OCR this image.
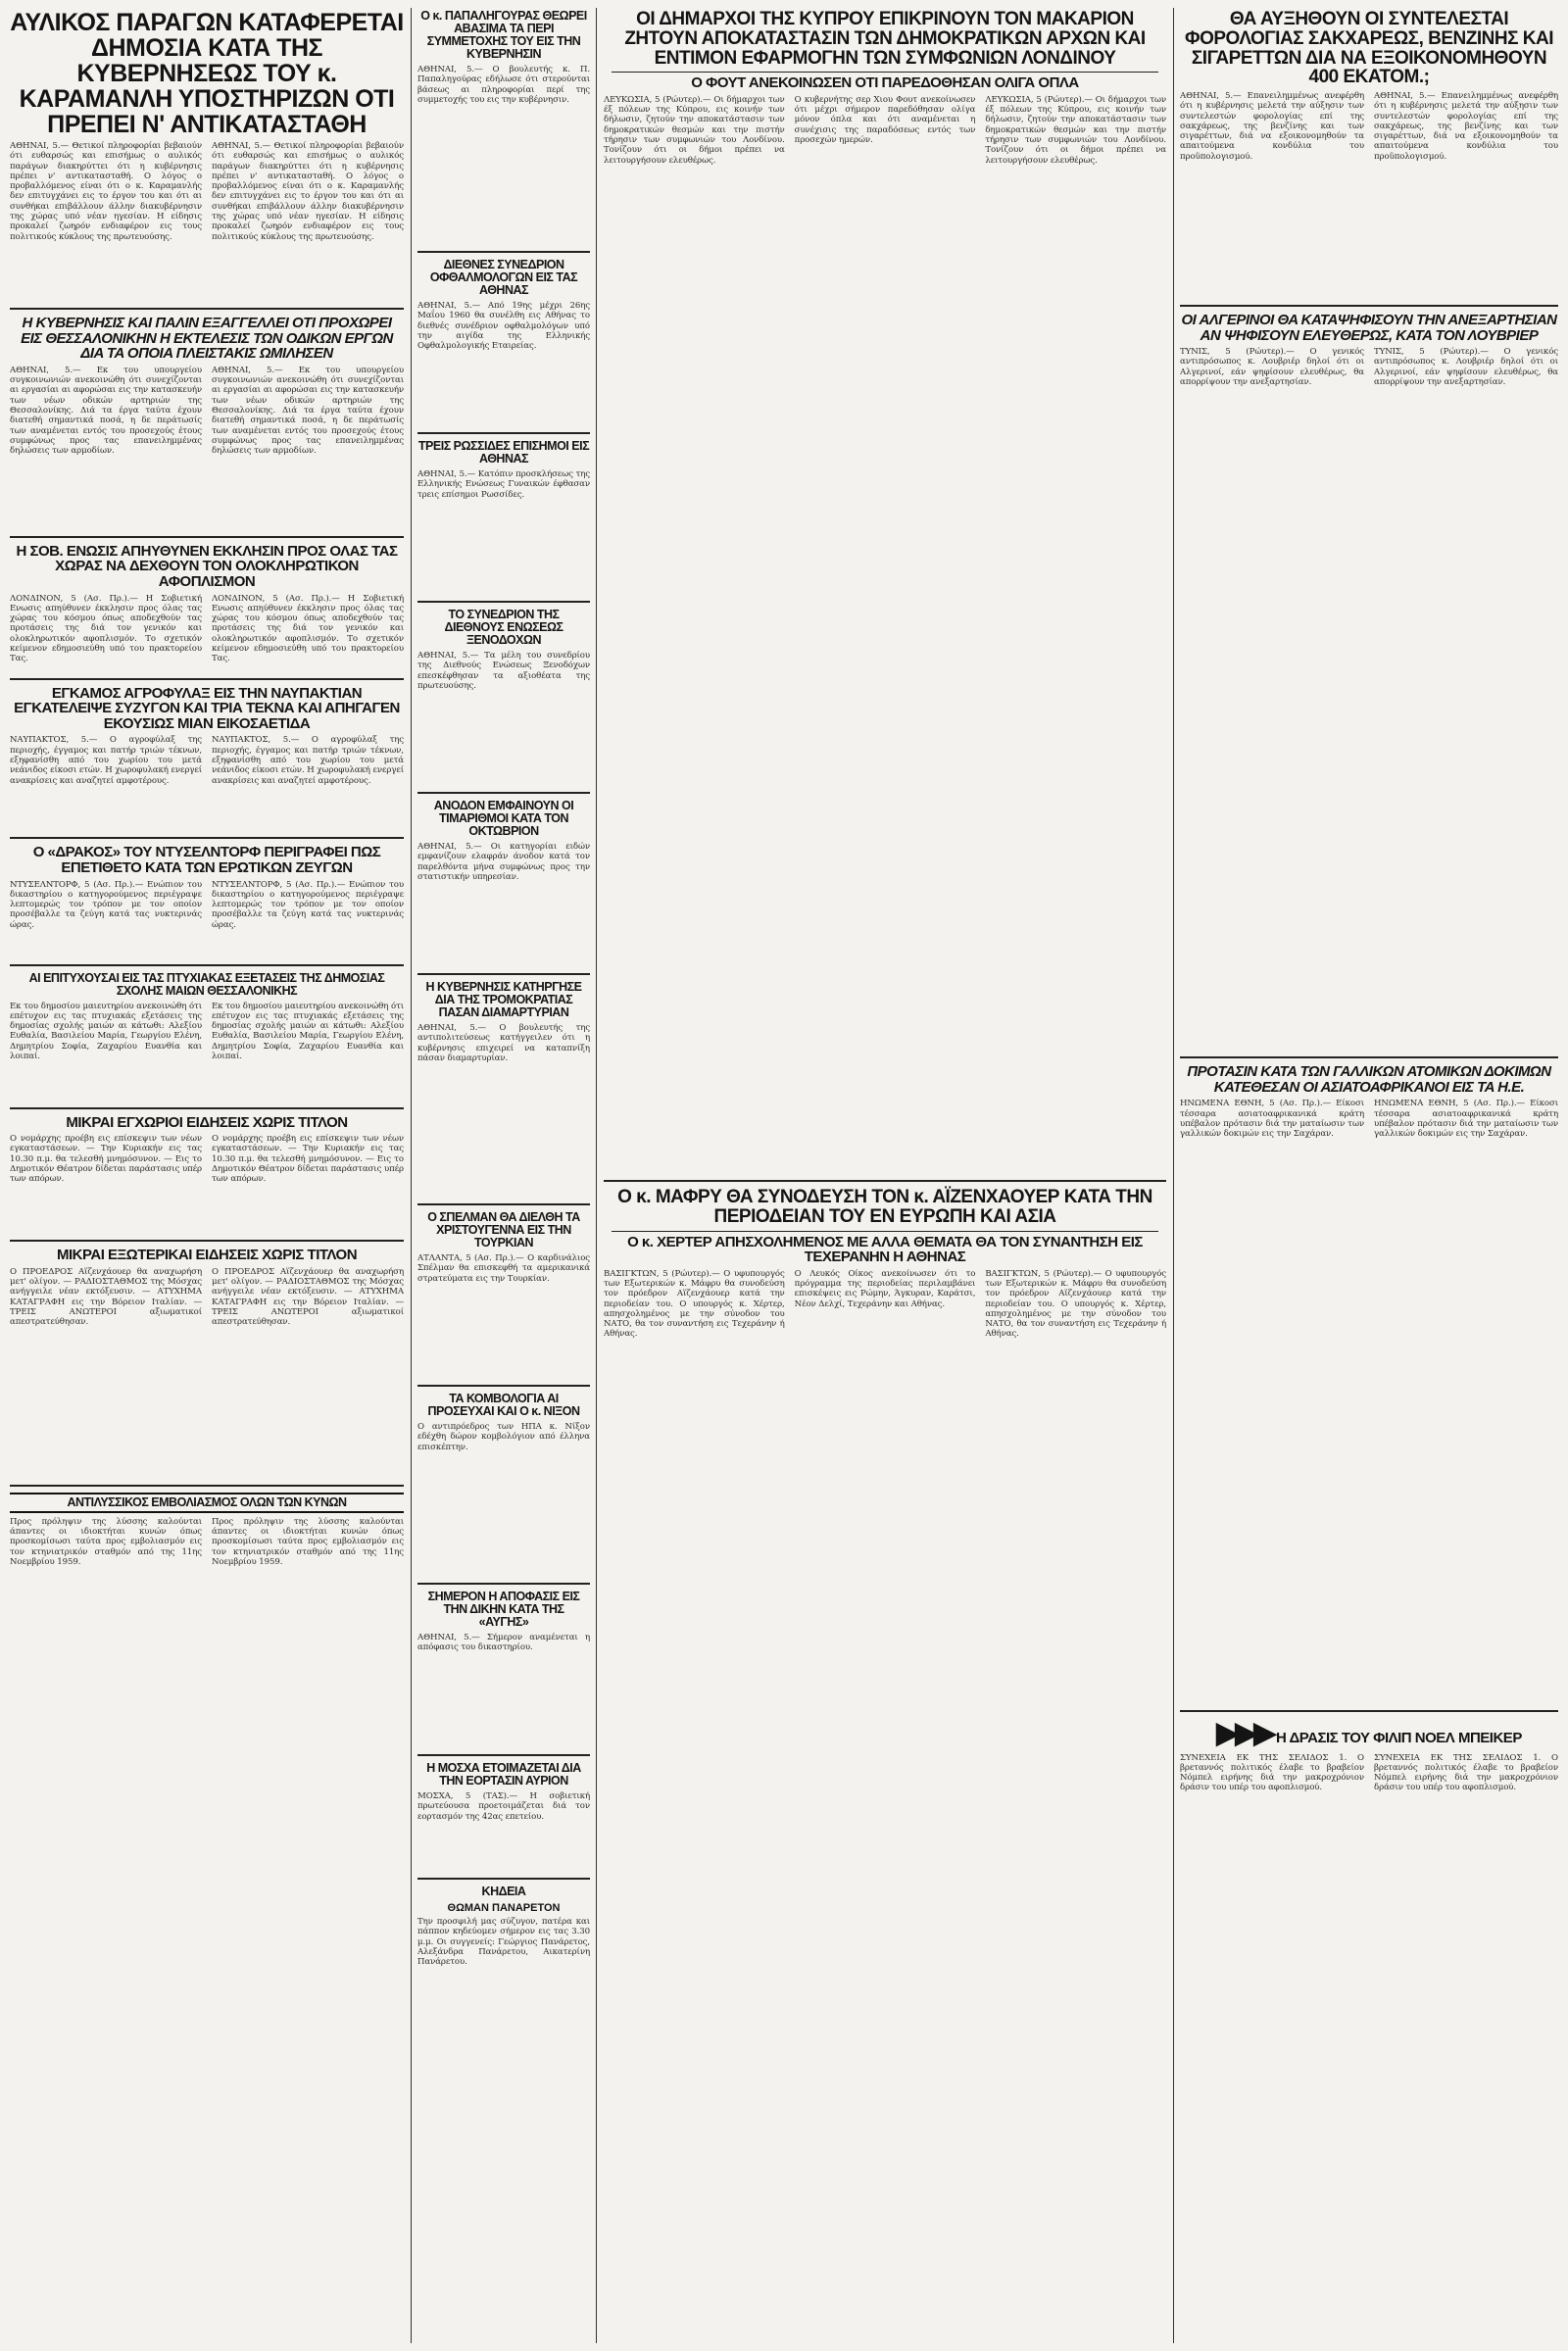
ΑΥΛΙΚΟΣ ΠΑΡΑΓΩΝ ΚΑΤΑΦΕΡΕΤΑΙ ΔΗΜΟΣΙΑ ΚΑΤΑ ΤΗΣ ΚΥΒΕΡΝΗΣΕΩΣ ΤΟΥ κ. ΚΑΡΑΜΑΝΛΗ ΥΠΟΣΤΗΡΙΖΩΝ ΟΤΙ ΠΡΕΠΕΙ Ν' ΑΝΤΙΚΑΤΑΣΤΑΘΗ

ΑΘΗΝΑΙ, 5.— Θετικοί πληροφορίαι βεβαιούν ότι ευθαρσώς και επισήμως ο αυλικός παράγων διακηρύττει ότι η κυβέρνησις πρέπει ν' αντικατασταθή. Ο λόγος ο προβαλλόμενος είναι ότι ο κ. Καραμανλής δεν επιτυγχάνει εις το έργον του και ότι αι συνθήκαι επιβάλλουν άλλην διακυβέρνησιν της χώρας υπό νέαν ηγεσίαν. Η είδησις προκαλεί ζωηρόν ενδιαφέρον εις τους πολιτικούς κύκλους της πρωτευούσης.

ΑΘΗΝΑΙ, 5.— Θετικοί πληροφορίαι βεβαιούν ότι ευθαρσώς και επισήμως ο αυλικός παράγων διακηρύττει ότι η κυβέρνησις πρέπει ν' αντικατασταθή. Ο λόγος ο προβαλλόμενος είναι ότι ο κ. Καραμανλής δεν επιτυγχάνει εις το έργον του και ότι αι συνθήκαι επιβάλλουν άλλην διακυβέρνησιν της χώρας υπό νέαν ηγεσίαν. Η είδησις προκαλεί ζωηρόν ενδιαφέρον εις τους πολιτικούς κύκλους της πρωτευούσης.

Η ΚΥΒΕΡΝΗΣΙΣ ΚΑΙ ΠΑΛΙΝ ΕΞΑΓΓΕΛΛΕΙ ΟΤΙ ΠΡΟΧΩΡΕΙ ΕΙΣ ΘΕΣΣΑΛΟΝΙΚΗΝ Η ΕΚΤΕΛΕΣΙΣ ΤΩΝ ΟΔΙΚΩΝ ΕΡΓΩΝ ΔΙΑ ΤΑ ΟΠΟΙΑ ΠΛΕΙΣΤΑΚΙΣ ΩΜΙΛΗΣΕΝ

ΑΘΗΝΑΙ, 5.— Εκ του υπουργείου συγκοινωνιών ανεκοινώθη ότι συνεχίζονται αι εργασίαι αι αφορώσαι εις την κατασκευήν των νέων οδικών αρτηριών της Θεσσαλονίκης. Διά τα έργα ταύτα έχουν διατεθή σημαντικά ποσά, η δε περάτωσίς των αναμένεται εντός του προσεχούς έτους συμφώνως προς τας επανειλημμένας δηλώσεις των αρμοδίων.

ΑΘΗΝΑΙ, 5.— Εκ του υπουργείου συγκοινωνιών ανεκοινώθη ότι συνεχίζονται αι εργασίαι αι αφορώσαι εις την κατασκευήν των νέων οδικών αρτηριών της Θεσσαλονίκης. Διά τα έργα ταύτα έχουν διατεθή σημαντικά ποσά, η δε περάτωσίς των αναμένεται εντός του προσεχούς έτους συμφώνως προς τας επανειλημμένας δηλώσεις των αρμοδίων.

Η ΣΟΒ. ΕΝΩΣΙΣ ΑΠΗΥΘΥΝΕΝ ΕΚΚΛΗΣΙΝ ΠΡΟΣ ΟΛΑΣ ΤΑΣ ΧΩΡΑΣ ΝΑ ΔΕΧΘΟΥΝ ΤΟΝ ΟΛΟΚΛΗΡΩΤΙΚΟΝ ΑΦΟΠΛΙΣΜΟΝ

ΛΟΝΔΙΝΟΝ, 5 (Ασ. Πρ.).— Η Σοβιετική Ενωσις απηύθυνεν έκκλησιν προς όλας τας χώρας του κόσμου όπως αποδεχθούν τας προτάσεις της διά τον γενικόν και ολοκληρωτικόν αφοπλισμόν. Το σχετικόν κείμενον εδημοσιεύθη υπό του πρακτορείου Τας.

ΛΟΝΔΙΝΟΝ, 5 (Ασ. Πρ.).— Η Σοβιετική Ενωσις απηύθυνεν έκκλησιν προς όλας τας χώρας του κόσμου όπως αποδεχθούν τας προτάσεις της διά τον γενικόν και ολοκληρωτικόν αφοπλισμόν. Το σχετικόν κείμενον εδημοσιεύθη υπό του πρακτορείου Τας.

ΕΓΚΑΜΟΣ ΑΓΡΟΦΥΛΑΞ ΕΙΣ ΤΗΝ ΝΑΥΠΑΚΤΙΑΝ ΕΓΚΑΤΕΛΕΙΨΕ ΣΥΖΥΓΟΝ ΚΑΙ ΤΡΙΑ ΤΕΚΝΑ ΚΑΙ ΑΠΗΓΑΓΕΝ ΕΚΟΥΣΙΩΣ ΜΙΑΝ ΕΙΚΟΣΑΕΤΙΔΑ

ΝΑΥΠΑΚΤΟΣ, 5.— Ο αγροφύλαξ της περιοχής, έγγαμος και πατήρ τριών τέκνων, εξηφανίσθη από του χωρίου του μετά νεάνιδος είκοσι ετών. Η χωροφυλακή ενεργεί ανακρίσεις και αναζητεί αμφοτέρους.

ΝΑΥΠΑΚΤΟΣ, 5.— Ο αγροφύλαξ της περιοχής, έγγαμος και πατήρ τριών τέκνων, εξηφανίσθη από του χωρίου του μετά νεάνιδος είκοσι ετών. Η χωροφυλακή ενεργεί ανακρίσεις και αναζητεί αμφοτέρους.

Ο «ΔΡΑΚΟΣ» ΤΟΥ ΝΤΥΣΕΛΝΤΟΡΦ ΠΕΡΙΓΡΑΦΕΙ ΠΩΣ ΕΠΕΤΙΘΕΤΟ ΚΑΤΑ ΤΩΝ ΕΡΩΤΙΚΩΝ ΖΕΥΓΩΝ

ΝΤΥΣΕΛΝΤΟΡΦ, 5 (Ασ. Πρ.).— Ενώπιον του δικαστηρίου ο κατηγορούμενος περιέγραψε λεπτομερώς τον τρόπον με τον οποίον προσέβαλλε τα ζεύγη κατά τας νυκτερινάς ώρας.

ΝΤΥΣΕΛΝΤΟΡΦ, 5 (Ασ. Πρ.).— Ενώπιον του δικαστηρίου ο κατηγορούμενος περιέγραψε λεπτομερώς τον τρόπον με τον οποίον προσέβαλλε τα ζεύγη κατά τας νυκτερινάς ώρας.

ΑΙ ΕΠΙΤΥΧΟΥΣΑΙ ΕΙΣ ΤΑΣ ΠΤΥΧΙΑΚΑΣ ΕΞΕΤΑΣΕΙΣ ΤΗΣ ΔΗΜΟΣΙΑΣ ΣΧΟΛΗΣ ΜΑΙΩΝ ΘΕΣΣΑΛΟΝΙΚΗΣ

Εκ του δημοσίου μαιευτηρίου ανεκοινώθη ότι επέτυχον εις τας πτυχιακάς εξετάσεις της δημοσίας σχολής μαιών αι κάτωθι: Αλεξίου Ευθαλία, Βασιλείου Μαρία, Γεωργίου Ελένη, Δημητρίου Σοφία, Ζαχαρίου Ευανθία και λοιπαί.

Εκ του δημοσίου μαιευτηρίου ανεκοινώθη ότι επέτυχον εις τας πτυχιακάς εξετάσεις της δημοσίας σχολής μαιών αι κάτωθι: Αλεξίου Ευθαλία, Βασιλείου Μαρία, Γεωργίου Ελένη, Δημητρίου Σοφία, Ζαχαρίου Ευανθία και λοιπαί.

ΜΙΚΡΑΙ ΕΓΧΩΡΙΟΙ ΕΙΔΗΣΕΙΣ ΧΩΡΙΣ ΤΙΤΛΟΝ

Ο νομάρχης προέβη εις επίσκεψιν των νέων εγκαταστάσεων. — Την Κυριακήν εις τας 10.30 π.μ. θα τελεσθή μνημόσυνον. — Εις το Δημοτικόν Θέατρον δίδεται παράστασις υπέρ των απόρων.

Ο νομάρχης προέβη εις επίσκεψιν των νέων εγκαταστάσεων. — Την Κυριακήν εις τας 10.30 π.μ. θα τελεσθή μνημόσυνον. — Εις το Δημοτικόν Θέατρον δίδεται παράστασις υπέρ των απόρων.

ΜΙΚΡΑΙ ΕΞΩΤΕΡΙΚΑΙ ΕΙΔΗΣΕΙΣ ΧΩΡΙΣ ΤΙΤΛΟΝ

Ο ΠΡΟΕΔΡΟΣ Αϊζενχάουερ θα αναχωρήση μετ' ολίγον. — ΡΑΔΙΟΣΤΑΘΜΟΣ της Μόσχας ανήγγειλε νέαν εκτόξευσιν. — ΑΤΥΧΗΜΑ ΚΑΤΑΓΡΑΦΗ εις την Βόρειον Ιταλίαν. — ΤΡΕΙΣ ΑΝΩΤΕΡΟΙ αξιωματικοί απεστρατεύθησαν.

Ο ΠΡΟΕΔΡΟΣ Αϊζενχάουερ θα αναχωρήση μετ' ολίγον. — ΡΑΔΙΟΣΤΑΘΜΟΣ της Μόσχας ανήγγειλε νέαν εκτόξευσιν. — ΑΤΥΧΗΜΑ ΚΑΤΑΓΡΑΦΗ εις την Βόρειον Ιταλίαν. — ΤΡΕΙΣ ΑΝΩΤΕΡΟΙ αξιωματικοί απεστρατεύθησαν.

ΑΝΤΙΛΥΣΣΙΚΟΣ ΕΜΒΟΛΙΑΣΜΟΣ ΟΛΩΝ ΤΩΝ ΚΥΝΩΝ

Προς πρόληψιν της λύσσης καλούνται άπαντες οι ιδιοκτήται κυνών όπως προσκομίσωσι ταύτα προς εμβολιασμόν εις τον κτηνιατρικόν σταθμόν από της 11ης Νοεμβρίου 1959.

Προς πρόληψιν της λύσσης καλούνται άπαντες οι ιδιοκτήται κυνών όπως προσκομίσωσι ταύτα προς εμβολιασμόν εις τον κτηνιατρικόν σταθμόν από της 11ης Νοεμβρίου 1959.

Ο κ. ΠΑΠΑΛΗΓΟΥΡΑΣ ΘΕΩΡΕΙ ΑΒΑΣΙΜΑ ΤΑ ΠΕΡΙ ΣΥΜΜΕΤΟΧΗΣ ΤΟΥ ΕΙΣ ΤΗΝ ΚΥΒΕΡΝΗΣΙΝ

ΑΘΗΝΑΙ, 5.— Ο βουλευτής κ. Π. Παπαληγούρας εδήλωσε ότι στερούνται βάσεως αι πληροφορίαι περί της συμμετοχής του εις την κυβέρνησιν.

ΔΙΕΘΝΕΣ ΣΥΝΕΔΡΙΟΝ ΟΦΘΑΛΜΟΛΟΓΩΝ ΕΙΣ ΤΑΣ ΑΘΗΝΑΣ

ΑΘΗΝΑΙ, 5.— Από 19ης μέχρι 26ης Μαΐου 1960 θα συνέλθη εις Αθήνας το διεθνές συνέδριον οφθαλμολόγων υπό την αιγίδα της Ελληνικής Οφθαλμολογικής Εταιρείας.

ΤΡΕΙΣ ΡΩΣΣΙΔΕΣ ΕΠΙΣΗΜΟΙ ΕΙΣ ΑΘΗΝΑΣ

ΑΘΗΝΑΙ, 5.— Κατόπιν προσκλήσεως της Ελληνικής Ενώσεως Γυναικών έφθασαν τρεις επίσημοι Ρωσσίδες.

ΤΟ ΣΥΝΕΔΡΙΟΝ ΤΗΣ ΔΙΕΘΝΟΥΣ ΕΝΩΣΕΩΣ ΞΕΝΟΔΟΧΩΝ

ΑΘΗΝΑΙ, 5.— Τα μέλη του συνεδρίου της Διεθνούς Ενώσεως Ξενοδόχων επεσκέφθησαν τα αξιοθέατα της πρωτευούσης.

ΑΝΟΔΟΝ ΕΜΦΑΙΝΟΥΝ ΟΙ ΤΙΜΑΡΙΘΜΟΙ ΚΑΤΑ ΤΟΝ ΟΚΤΩΒΡΙΟΝ

ΑΘΗΝΑΙ, 5.— Οι κατηγορίαι ειδών εμφανίζουν ελαφράν άνοδον κατά τον παρελθόντα μήνα συμφώνως προς την στατιστικήν υπηρεσίαν.

Η ΚΥΒΕΡΝΗΣΙΣ ΚΑΤΗΡΓΗΣΕ ΔΙΑ ΤΗΣ ΤΡΟΜΟΚΡΑΤΙΑΣ ΠΑΣΑΝ ΔΙΑΜΑΡΤΥΡΙΑΝ

ΑΘΗΝΑΙ, 5.— Ο βουλευτής της αντιπολιτεύσεως κατήγγειλεν ότι η κυβέρνησις επιχειρεί να καταπνίξη πάσαν διαμαρτυρίαν.

Ο ΣΠΕΛΜΑΝ ΘΑ ΔΙΕΛΘΗ ΤΑ ΧΡΙΣΤΟΥΓΕΝΝΑ ΕΙΣ ΤΗΝ ΤΟΥΡΚΙΑΝ

ΑΤΛΑΝΤΑ, 5 (Ασ. Πρ.).— Ο καρδινάλιος Σπέλμαν θα επισκεφθή τα αμερικανικά στρατεύματα εις την Τουρκίαν.

ΤΑ ΚΟΜΒΟΛΟΓΙΑ ΑΙ ΠΡΟΣΕΥΧΑΙ ΚΑΙ Ο κ. ΝΙΞΟΝ

Ο αντιπρόεδρος των ΗΠΑ κ. Νίξον εδέχθη δώρον κομβολόγιον από έλληνα επισκέπτην.

ΣΗΜΕΡΟΝ Η ΑΠΟΦΑΣΙΣ ΕΙΣ ΤΗΝ ΔΙΚΗΝ ΚΑΤΑ ΤΗΣ «ΑΥΓΗΣ»

ΑΘΗΝΑΙ, 5.— Σήμερον αναμένεται η απόφασις του δικαστηρίου.

Η ΜΟΣΧΑ ΕΤΟΙΜΑΖΕΤΑΙ ΔΙΑ ΤΗΝ ΕΟΡΤΑΣΙΝ ΑΥΡΙΟΝ

ΜΟΣΧΑ, 5 (ΤΑΣ).— Η σοβιετική πρωτεύουσα προετοιμάζεται διά τον εορτασμόν της 42ας επετείου.

ΚΗΔΕΙΑ
ΘΩΜΑΝ ΠΑΝΑΡΕΤΟΝ

Την προσφιλή μας σύζυγον, πατέρα και πάππον κηδεύομεν σήμερον εις τας 3.30 μ.μ. Οι συγγενείς: Γεώργιος Πανάρετος, Αλεξάνδρα Πανάρετου, Αικατερίνη Πανάρετου.

ΟΙ ΔΗΜΑΡΧΟΙ ΤΗΣ ΚΥΠΡΟΥ ΕΠΙΚΡΙΝΟΥΝ ΤΟΝ ΜΑΚΑΡΙΟΝ ΖΗΤΟΥΝ ΑΠΟΚΑΤΑΣΤΑΣΙΝ ΤΩΝ ΔΗΜΟΚΡΑΤΙΚΩΝ ΑΡΧΩΝ ΚΑΙ ΕΝΤΙΜΟΝ ΕΦΑΡΜΟΓΗΝ ΤΩΝ ΣΥΜΦΩΝΙΩΝ ΛΟΝΔΙΝΟΥ
Ο ΦΟΥΤ ΑΝΕΚΟΙΝΩΣΕΝ ΟΤΙ ΠΑΡΕΔΟΘΗΣΑΝ ΟΛΙΓΑ ΟΠΛΑ

ΛΕΥΚΩΣΙΑ, 5 (Ρώυτερ).— Οι δήμαρχοι των έξ πόλεων της Κύπρου, εις κοινήν των δήλωσιν, ζητούν την αποκατάστασιν των δημοκρατικών θεσμών και την πιστήν τήρησιν των συμφωνιών του Λονδίνου. Τονίζουν ότι οι δήμοι πρέπει να λειτουργήσουν ελευθέρως.

Ο κυβερνήτης σερ Χιου Φουτ ανεκοίνωσεν ότι μέχρι σήμερον παρεδόθησαν ολίγα μόνον όπλα και ότι αναμένεται η συνέχισις της παραδόσεως εντός των προσεχών ημερών.

ΛΕΥΚΩΣΙΑ, 5 (Ρώυτερ).— Οι δήμαρχοι των έξ πόλεων της Κύπρου, εις κοινήν των δήλωσιν, ζητούν την αποκατάστασιν των δημοκρατικών θεσμών και την πιστήν τήρησιν των συμφωνιών του Λονδίνου. Τονίζουν ότι οι δήμοι πρέπει να λειτουργήσουν ελευθέρως.

Ο κ. ΜΑΦΡΥ ΘΑ ΣΥΝΟΔΕΥΣΗ ΤΟΝ κ. ΑΪΖΕΝΧΑΟΥΕΡ ΚΑΤΑ ΤΗΝ ΠΕΡΙΟΔΕΙΑΝ ΤΟΥ ΕΝ ΕΥΡΩΠΗ ΚΑΙ ΑΣΙΑ
Ο κ. ΧΕΡΤΕΡ ΑΠΗΣΧΟΛΗΜΕΝΟΣ ΜΕ ΑΛΛΑ ΘΕΜΑΤΑ ΘΑ ΤΟΝ ΣΥΝΑΝΤΗΣΗ ΕΙΣ ΤΕΧΕΡΑΝΗΝ Η ΑΘΗΝΑΣ

ΒΑΣΙΓΚΤΩΝ, 5 (Ρώυτερ).— Ο υφυπουργός των Εξωτερικών κ. Μάφρυ θα συνοδεύση τον πρόεδρον Αϊζενχάουερ κατά την περιοδείαν του. Ο υπουργός κ. Χέρτερ, απησχολημένος με την σύνοδον του ΝΑΤΟ, θα τον συναντήση εις Τεχεράνην ή Αθήνας.

Ο Λευκός Οίκος ανεκοίνωσεν ότι το πρόγραμμα της περιοδείας περιλαμβάνει επισκέψεις εις Ρώμην, Άγκυραν, Καράτσι, Νέον Δελχί, Τεχεράνην και Αθήνας.

ΒΑΣΙΓΚΤΩΝ, 5 (Ρώυτερ).— Ο υφυπουργός των Εξωτερικών κ. Μάφρυ θα συνοδεύση τον πρόεδρον Αϊζενχάουερ κατά την περιοδείαν του. Ο υπουργός κ. Χέρτερ, απησχολημένος με την σύνοδον του ΝΑΤΟ, θα τον συναντήση εις Τεχεράνην ή Αθήνας.

ΘΑ ΑΥΞΗΘΟΥΝ ΟΙ ΣΥΝΤΕΛΕΣΤΑΙ ΦΟΡΟΛΟΓΙΑΣ ΣΑΚΧΑΡΕΩΣ, ΒΕΝΖΙΝΗΣ ΚΑΙ ΣΙΓΑΡΕΤΤΩΝ ΔΙΑ ΝΑ ΕΞΟΙΚΟΝΟΜΗΘΟΥΝ 400 ΕΚΑΤΟΜ.;

ΑΘΗΝΑΙ, 5.— Επανειλημμένως ανεφέρθη ότι η κυβέρνησις μελετά την αύξησιν των συντελεστών φορολογίας επί της σακχάρεως, της βενζίνης και των σιγαρέττων, διά να εξοικονομηθούν τα απαιτούμενα κονδύλια του προϋπολογισμού.

ΑΘΗΝΑΙ, 5.— Επανειλημμένως ανεφέρθη ότι η κυβέρνησις μελετά την αύξησιν των συντελεστών φορολογίας επί της σακχάρεως, της βενζίνης και των σιγαρέττων, διά να εξοικονομηθούν τα απαιτούμενα κονδύλια του προϋπολογισμού.

ΟΙ ΑΛΓΕΡΙΝΟΙ ΘΑ ΚΑΤΑΨΗΦΙΣΟΥΝ ΤΗΝ ΑΝΕΞΑΡΤΗΣΙΑΝ ΑΝ ΨΗΦΙΣΟΥΝ ΕΛΕΥΘΕΡΩΣ, ΚΑΤΑ ΤΟΝ ΛΟΥΒΡΙΕΡ

ΤΥΝΙΣ, 5 (Ρώυτερ).— Ο γενικός αντιπρόσωπος κ. Λουβριέρ δηλοί ότι οι Αλγερινοί, εάν ψηφίσουν ελευθέρως, θα απορρίψουν την ανεξαρτησίαν.

ΤΥΝΙΣ, 5 (Ρώυτερ).— Ο γενικός αντιπρόσωπος κ. Λουβριέρ δηλοί ότι οι Αλγερινοί, εάν ψηφίσουν ελευθέρως, θα απορρίψουν την ανεξαρτησίαν.

ΠΡΟΤΑΣΙΝ ΚΑΤΑ ΤΩΝ ΓΑΛΛΙΚΩΝ ΑΤΟΜΙΚΩΝ ΔΟΚΙΜΩΝ ΚΑΤΕΘΕΣΑΝ ΟΙ ΑΣΙΑΤΟΑΦΡΙΚΑΝΟΙ ΕΙΣ ΤΑ Η.Ε.

ΗΝΩΜΕΝΑ ΕΘΝΗ, 5 (Ασ. Πρ.).— Είκοσι τέσσαρα ασιατοαφρικανικά κράτη υπέβαλον πρότασιν διά την ματαίωσιν των γαλλικών δοκιμών εις την Σαχάραν.

ΗΝΩΜΕΝΑ ΕΘΝΗ, 5 (Ασ. Πρ.).— Είκοσι τέσσαρα ασιατοαφρικανικά κράτη υπέβαλον πρότασιν διά την ματαίωσιν των γαλλικών δοκιμών εις την Σαχάραν.

▶▶▶ Η ΔΡΑΣΙΣ ΤΟΥ ΦΙΛΙΠ ΝΟΕΛ ΜΠΕΙΚΕΡ

ΣΥΝΕΧΕΙΑ ΕΚ ΤΗΣ ΣΕΛΙΔΟΣ 1. Ο βρεταννός πολιτικός έλαβε το βραβείον Νόμπελ ειρήνης διά την μακροχρόνιον δράσιν του υπέρ του αφοπλισμού.

ΣΥΝΕΧΕΙΑ ΕΚ ΤΗΣ ΣΕΛΙΔΟΣ 1. Ο βρεταννός πολιτικός έλαβε το βραβείον Νόμπελ ειρήνης διά την μακροχρόνιον δράσιν του υπέρ του αφοπλισμού.
